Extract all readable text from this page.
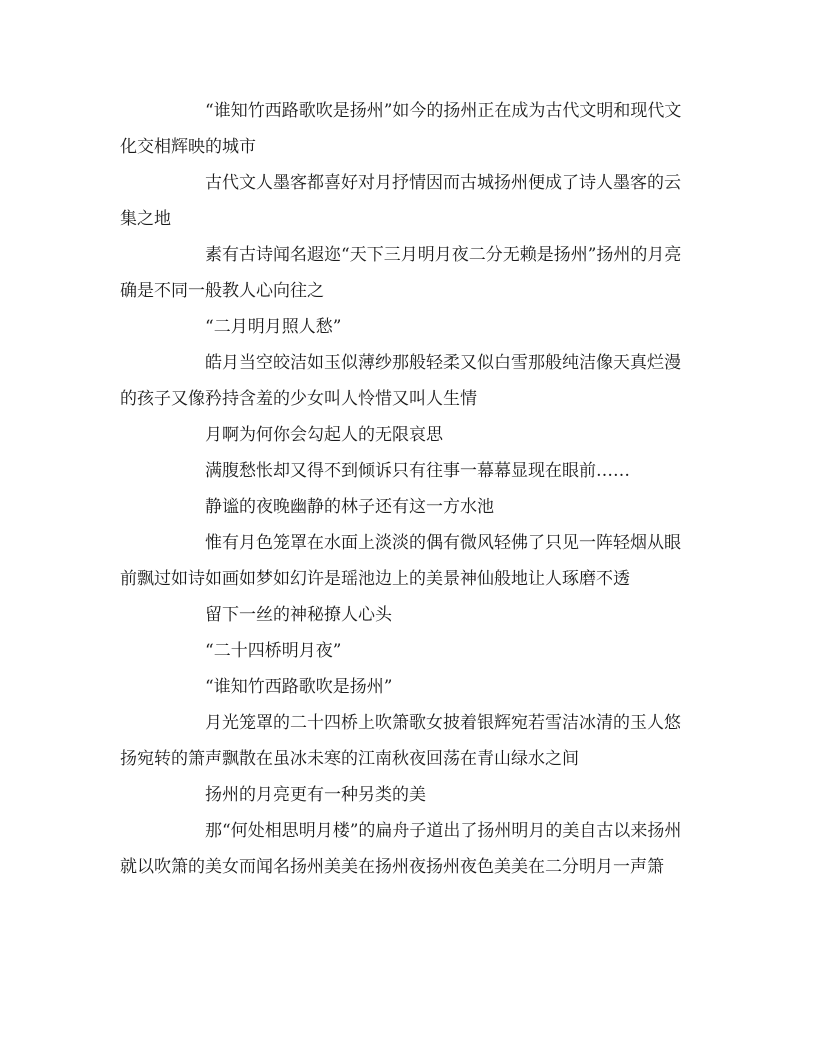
“谁知竹西路歌吹是扬州”如今的扬州正在成为古代文明和现代文化交相辉映的城市

古代文人墨客都喜好对月抒情因而古城扬州便成了诗人墨客的云集之地

素有古诗闻名遐迩“天下三月明月夜二分无赖是扬州”扬州的月亮确是不同一般教人心向往之

“二月明月照人愁”

皓月当空皎洁如玉似薄纱那般轻柔又似白雪那般纯洁像天真烂漫的孩子又像矜持含羞的少女叫人怜惜又叫人生情

月啊为何你会勾起人的无限哀思

满腹愁怅却又得不到倾诉只有往事一幕幕显现在眼前……

静谧的夜晚幽静的林子还有这一方水池

惟有月色笼罩在水面上淡淡的偶有微风轻佛了只见一阵轻烟从眼前飘过如诗如画如梦如幻许是瑶池边上的美景神仙般地让人琢磨不透

留下一丝的神秘撩人心头

“二十四桥明月夜”

“谁知竹西路歌吹是扬州”

月光笼罩的二十四桥上吹箫歌女披着银辉宛若雪洁冰清的玉人悠扬宛转的箫声飘散在虽冰未寒的江南秋夜回荡在青山绿水之间

扬州的月亮更有一种另类的美

那“何处相思明月楼”的扁舟子道出了扬州明月的美自古以来扬州就以吹箫的美女而闻名扬州美美在扬州夜扬州夜色美美在二分明月一声箫
